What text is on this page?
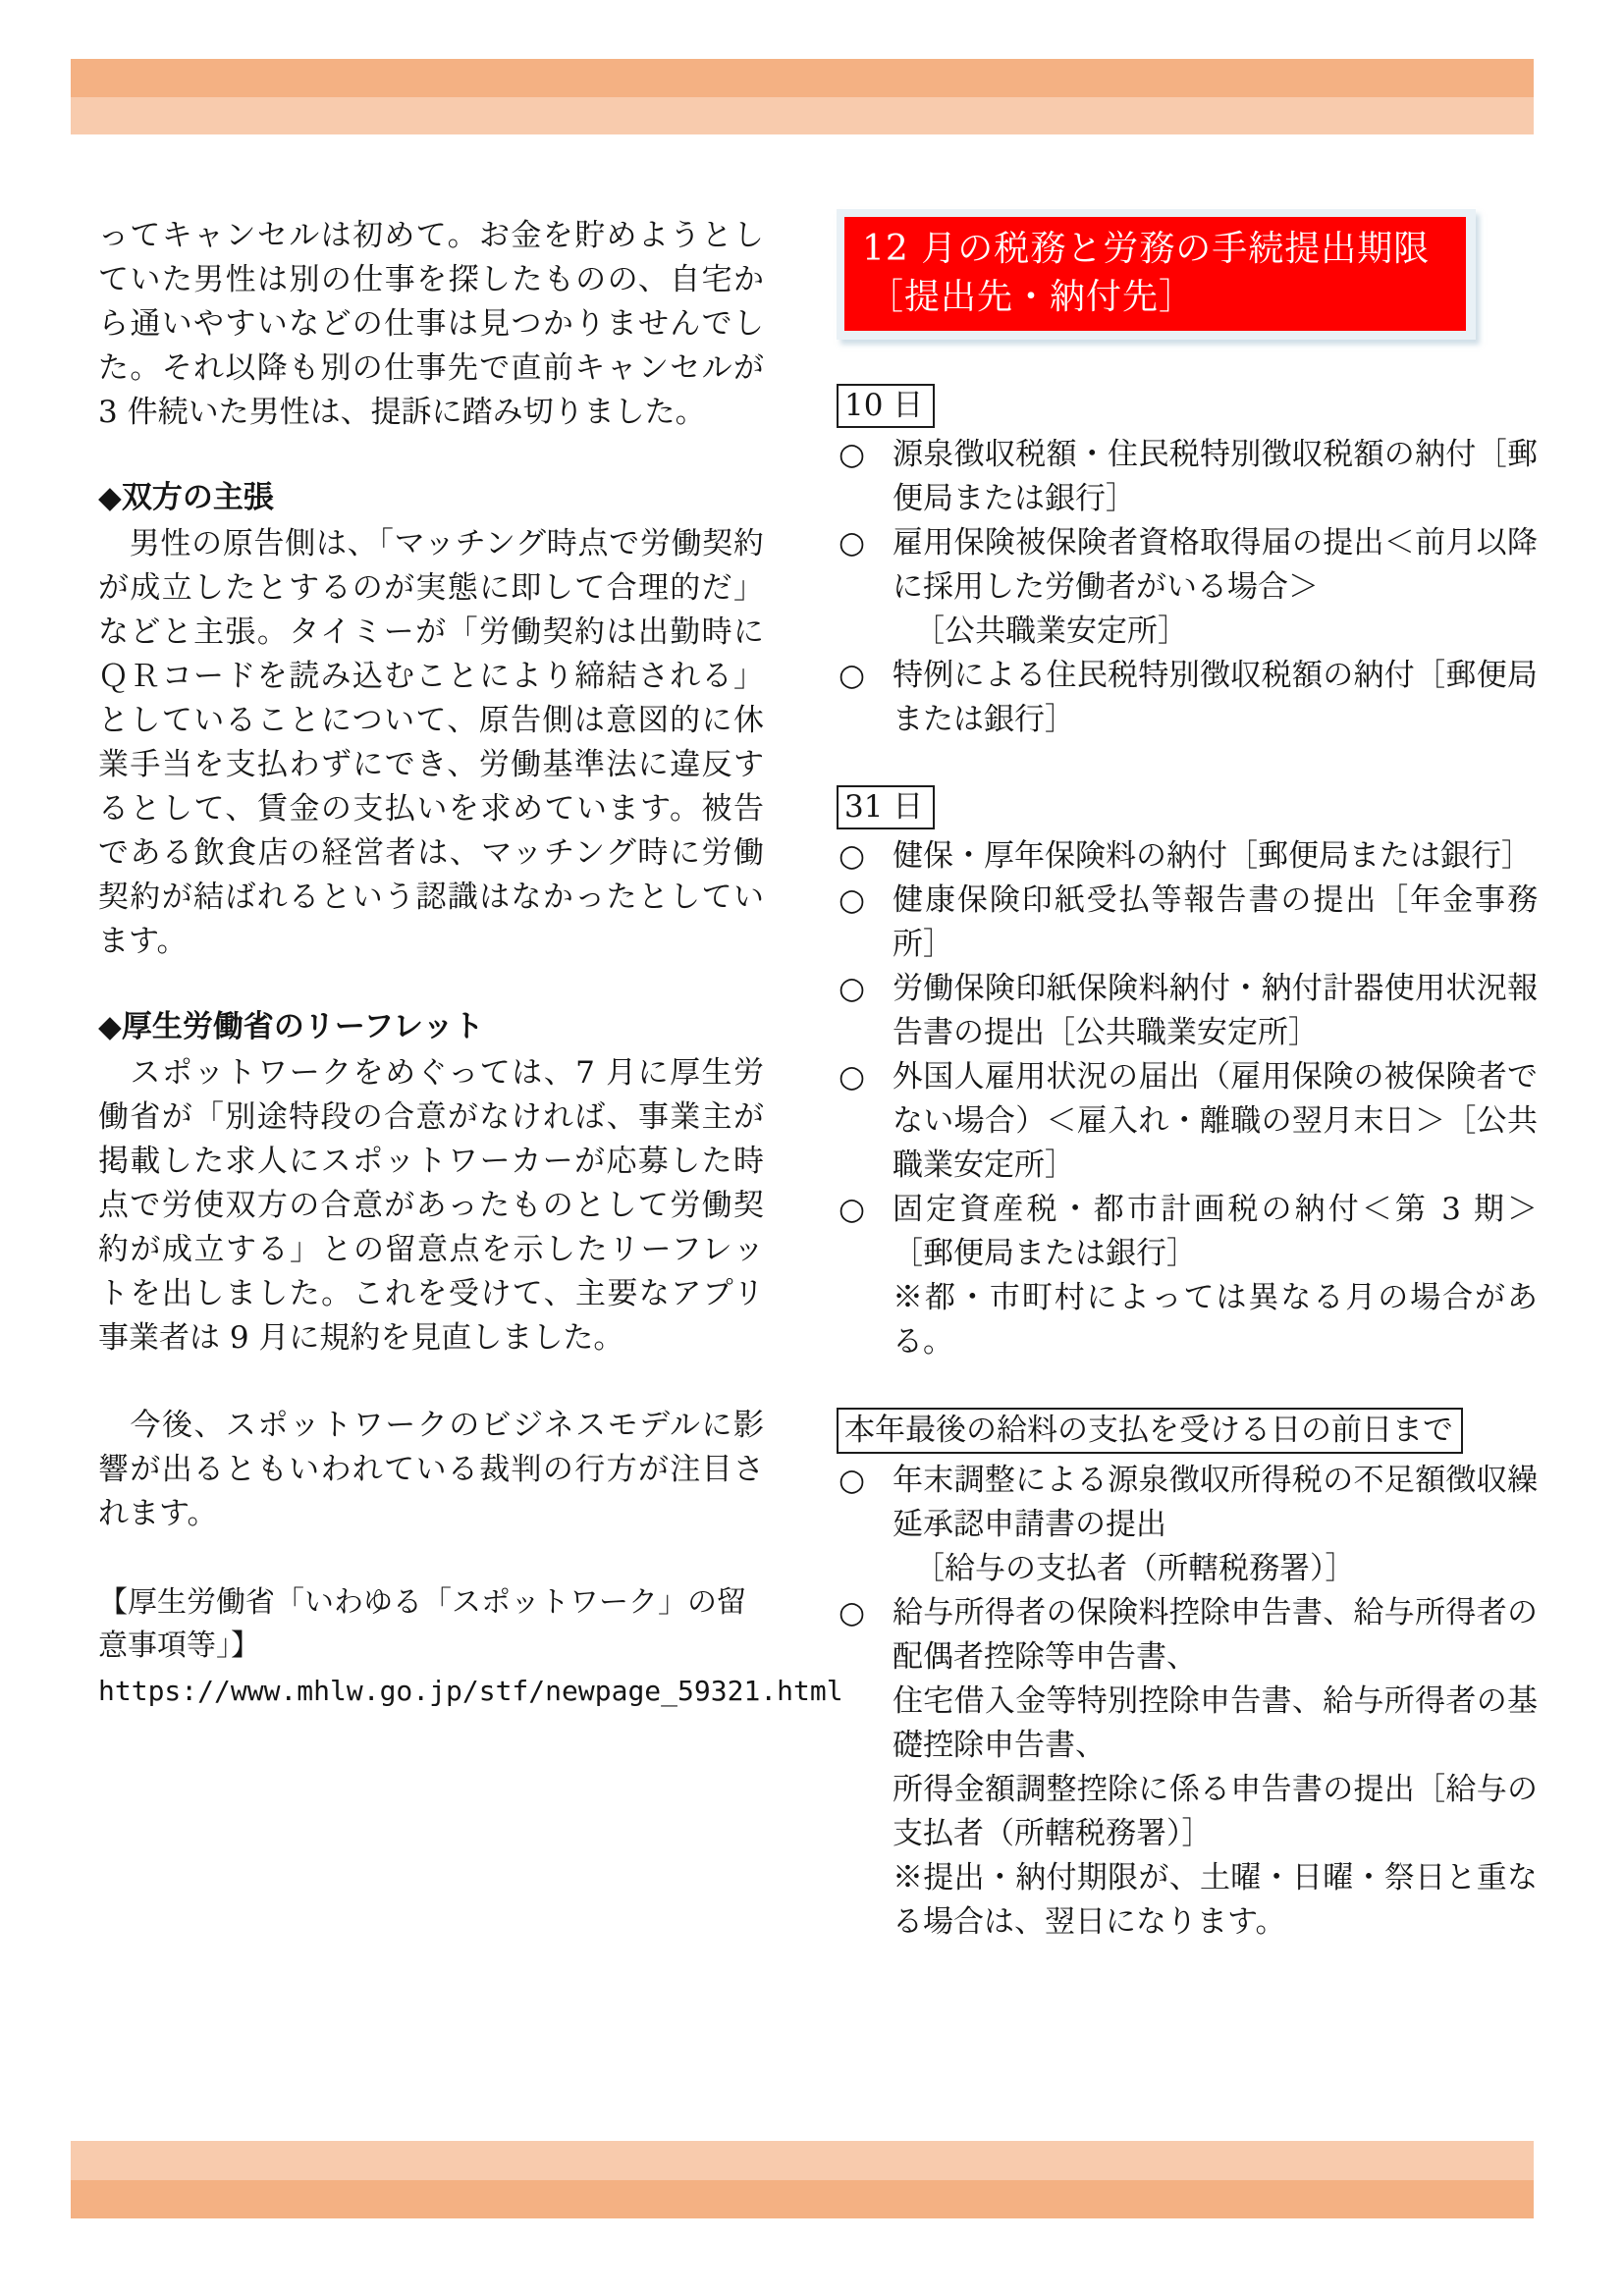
ってキャンセルは初めて。お金を貯めようとしていた男性は別の仕事を探したものの、自宅から通いやすいなどの仕事は見つかりませんでした。それ以降も別の仕事先で直前キャンセルが 3 件続いた男性は、提訴に踏み切りました。

◆双方の主張

　男性の原告側は、「マッチング時点で労働契約が成立したとするのが実態に即して合理的だ」などと主張。タイミーが「労働契約は出勤時にＱＲコードを読み込むことにより締結される」としていることについて、原告側は意図的に休業手当を支払わずにでき、労働基準法に違反するとして、賃金の支払いを求めています。被告である飲食店の経営者は、マッチング時に労働契約が結ばれるという認識はなかったとしています。

◆厚生労働省のリーフレット

　スポットワークをめぐっては、7 月に厚生労働省が「別途特段の合意がなければ、事業主が掲載した求人にスポットワーカーが応募した時点で労使双方の合意があったものとして労働契約が成立する」との留意点を示したリーフレットを出しました。これを受けて、主要なアプリ事業者は 9 月に規約を見直しました。

　今後、スポットワークのビジネスモデルに影響が出るともいわれている裁判の行方が注目されます。

【厚生労働省「いわゆる「スポットワーク」の留意事項等」】

https://www.mhlw.go.jp/stf/newpage_59321.html
12 月の税務と労務の手続提出期限
［提出先・納付先］
10 日
○ 源泉徴収税額・住民税特別徴収税額の納付［郵便局または銀行］
○ 雇用保険被保険者資格取得届の提出＜前月以降に採用した労働者がいる場合＞
［公共職業安定所］
○ 特例による住民税特別徴収税額の納付［郵便局または銀行］
31 日
○ 健保・厚年保険料の納付［郵便局または銀行］
○ 健康保険印紙受払等報告書の提出［年金事務所］
○ 労働保険印紙保険料納付・納付計器使用状況報告書の提出［公共職業安定所］
○ 外国人雇用状況の届出（雇用保険の被保険者でない場合）＜雇入れ・離職の翌月末日＞［公共職業安定所］
○ 固定資産税・都市計画税の納付＜第 3 期＞［郵便局または銀行］
※都・市町村によっては異なる月の場合がある。
本年最後の給料の支払を受ける日の前日まで
○ 年末調整による源泉徴収所得税の不足額徴収繰延承認申請書の提出
［給与の支払者（所轄税務署）］
○ 給与所得者の保険料控除申告書、給与所得者の配偶者控除等申告書、
住宅借入金等特別控除申告書、給与所得者の基礎控除申告書、
所得金額調整控除に係る申告書の提出［給与の支払者（所轄税務署）］
※提出・納付期限が、土曜・日曜・祭日と重なる場合は、翌日になります。
